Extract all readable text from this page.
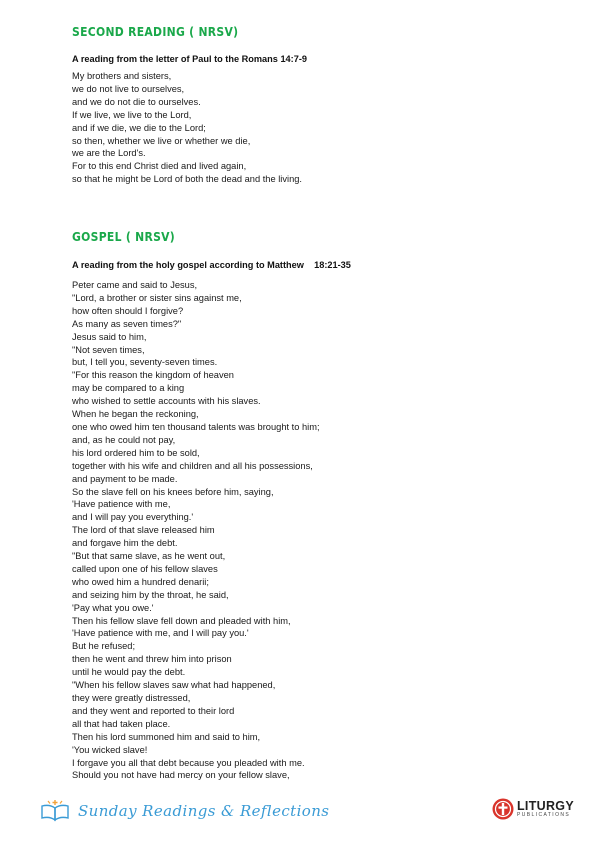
SECOND READING ( NRSV)
A reading from the letter of Paul to the Romans 14:7-9
My brothers and sisters,
we do not live to ourselves,
and we do not die to ourselves.
If we live, we live to the Lord,
and if we die, we die to the Lord;
so then, whether we live or whether we die,
we are the Lord's.
For to this end Christ died and lived again,
so that he might be Lord of both the dead and the living.
GOSPEL ( NRSV)
A reading from the holy gospel according to Matthew    18:21-35
Peter came and said to Jesus,
"Lord, a brother or sister sins against me,
how often should I forgive?
As many as seven times?"
Jesus said to him,
"Not seven times,
but, I tell you, seventy-seven times.
"For this reason the kingdom of heaven
may be compared to a king
who wished to settle accounts with his slaves.
When he began the reckoning,
one who owed him ten thousand talents was brought to him;
and, as he could not pay,
his lord ordered him to be sold,
together with his wife and children and all his possessions,
and payment to be made.
So the slave fell on his knees before him, saying,
'Have patience with me,
and I will pay you everything.'
The lord of that slave released him
and forgave him the debt.
"But that same slave, as he went out,
called upon one of his fellow slaves
who owed him a hundred denarii;
and seizing him by the throat, he said,
'Pay what you owe.'
Then his fellow slave fell down and pleaded with him,
'Have patience with me, and I will pay you.'
But he refused;
then he went and threw him into prison
until he would pay the debt.
"When his fellow slaves saw what had happened,
they were greatly distressed,
and they went and reported to their lord
all that had taken place.
Then his lord summoned him and said to him,
'You wicked slave!
I forgave you all that debt because you pleaded with me.
Should you not have had mercy on your fellow slave,
Sunday Readings & Reflections	LITURGY
PUBLICATIONS
